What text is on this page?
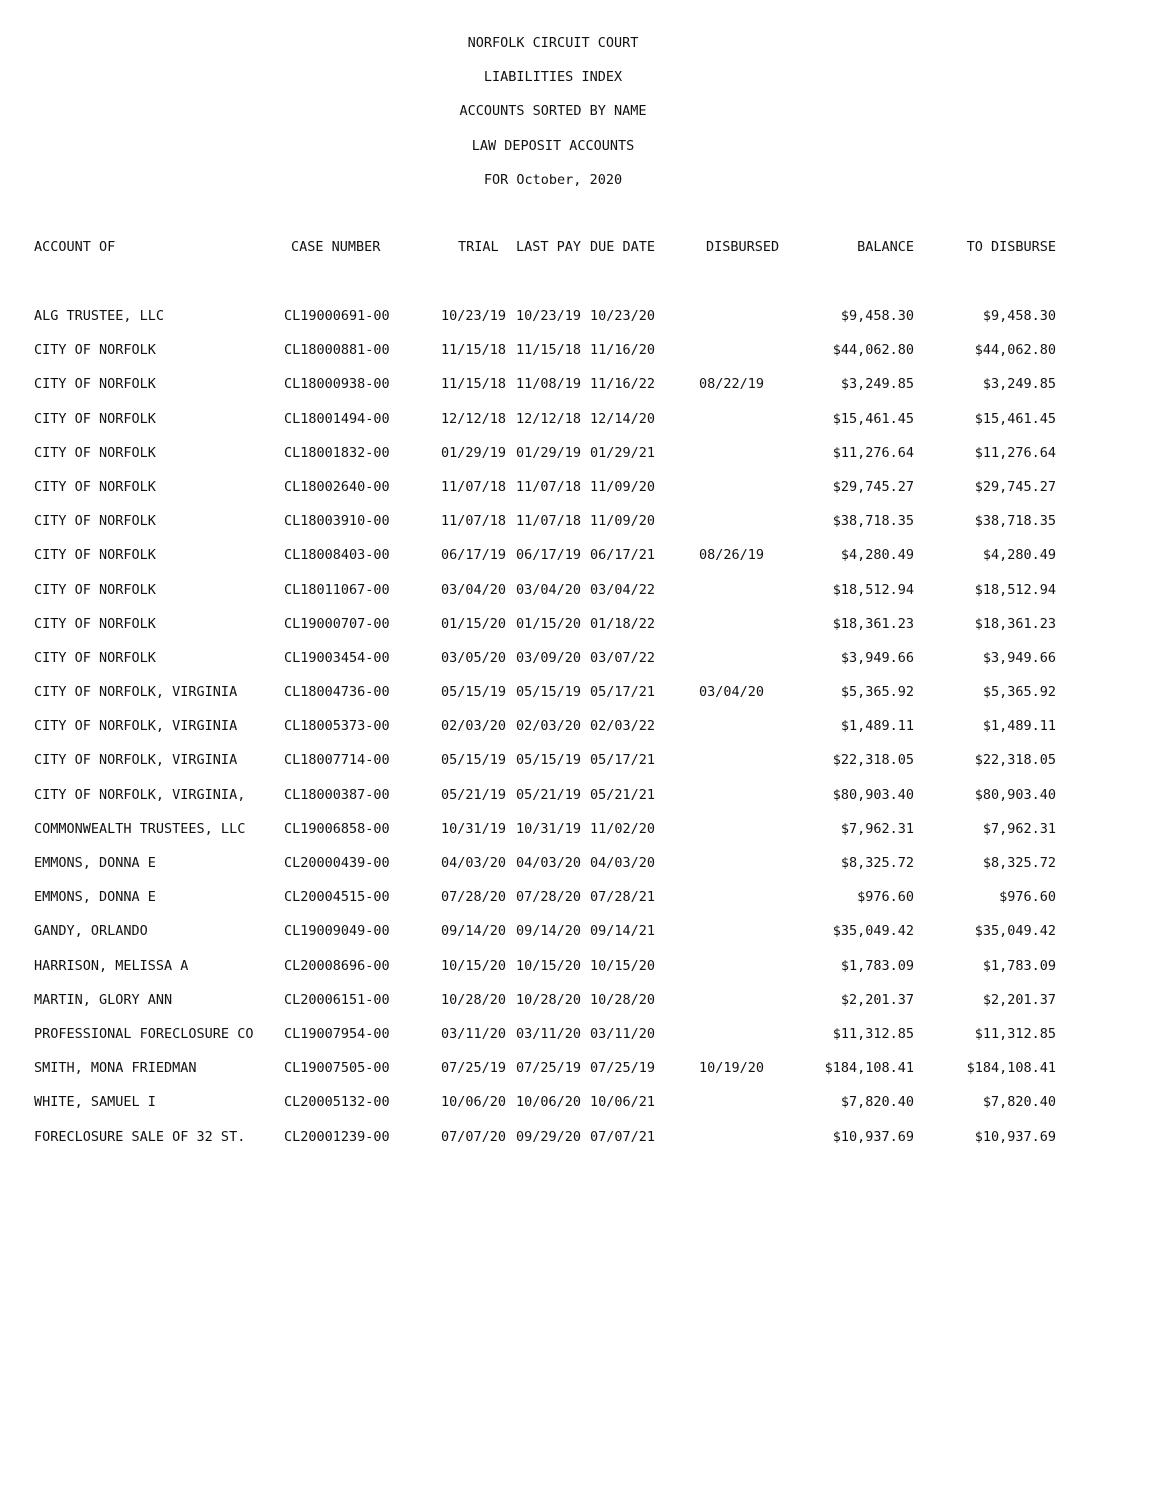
NORFOLK CIRCUIT COURT
LIABILITIES INDEX
ACCOUNTS SORTED BY NAME
LAW DEPOSIT ACCOUNTS
FOR October, 2020
ACCOUNT OF	CASE NUMBER	TRIAL LAST PAY DUE DATE	DISBURSED	BALANCE	TO DISBURSE
ALG TRUSTEE, LLC	CL19000691-00	10/23/19 10/23/19 10/23/20	$9,458.30	$9,458.30
CITY OF NORFOLK	CL18000881-00	11/15/18 11/15/18 11/16/20	$44,062.80	$44,062.80
CITY OF NORFOLK	CL18000938-00	11/15/18 11/08/19 11/16/22	08/22/19	$3,249.85	$3,249.85
CITY OF NORFOLK	CL18001494-00	12/12/18 12/12/18 12/14/20	$15,461.45	$15,461.45
CITY OF NORFOLK	CL18001832-00	01/29/19 01/29/19 01/29/21	$11,276.64	$11,276.64
CITY OF NORFOLK	CL18002640-00	11/07/18 11/07/18 11/09/20	$29,745.27	$29,745.27
CITY OF NORFOLK	CL18003910-00	11/07/18 11/07/18 11/09/20	$38,718.35	$38,718.35
CITY OF NORFOLK	CL18008403-00	06/17/19 06/17/19 06/17/21	08/26/19	$4,280.49	$4,280.49
CITY OF NORFOLK	CL18011067-00	03/04/20 03/04/20 03/04/22	$18,512.94	$18,512.94
CITY OF NORFOLK	CL19000707-00	01/15/20 01/15/20 01/18/22	$18,361.23	$18,361.23
CITY OF NORFOLK	CL19003454-00	03/05/20 03/09/20 03/07/22	$3,949.66	$3,949.66
CITY OF NORFOLK, VIRGINIA	CL18004736-00	05/15/19 05/15/19 05/17/21	03/04/20	$5,365.92	$5,365.92
CITY OF NORFOLK, VIRGINIA	CL18005373-00	02/03/20 02/03/20 02/03/22	$1,489.11	$1,489.11
CITY OF NORFOLK, VIRGINIA	CL18007714-00	05/15/19 05/15/19 05/17/21	$22,318.05	$22,318.05
CITY OF NORFOLK, VIRGINIA,	CL18000387-00	05/21/19 05/21/19 05/21/21	$80,903.40	$80,903.40
COMMONWEALTH TRUSTEES, LLC	CL19006858-00	10/31/19 10/31/19 11/02/20	$7,962.31	$7,962.31
EMMONS, DONNA E	CL20000439-00	04/03/20 04/03/20 04/03/20	$8,325.72	$8,325.72
EMMONS, DONNA E	CL20004515-00	07/28/20 07/28/20 07/28/21	$976.60	$976.60
GANDY, ORLANDO	CL19009049-00	09/14/20 09/14/20 09/14/21	$35,049.42	$35,049.42
HARRISON, MELISSA A	CL20008696-00	10/15/20 10/15/20 10/15/20	$1,783.09	$1,783.09
MARTIN, GLORY ANN	CL20006151-00	10/28/20 10/28/20 10/28/20	$2,201.37	$2,201.37
PROFESSIONAL FORECLOSURE CO CL19007954-00	03/11/20 03/11/20 03/11/20	$11,312.85	$11,312.85
SMITH, MONA FRIEDMAN	CL19007505-00	07/25/19 07/25/19 07/25/19	10/19/20	$184,108.41	$184,108.41
WHITE, SAMUEL I	CL20005132-00	10/06/20 10/06/20 10/06/21	$7,820.40	$7,820.40
FORECLOSURE SALE OF 32 ST.	CL20001239-00	07/07/20 09/29/20 07/07/21	$10,937.69	$10,937.69
